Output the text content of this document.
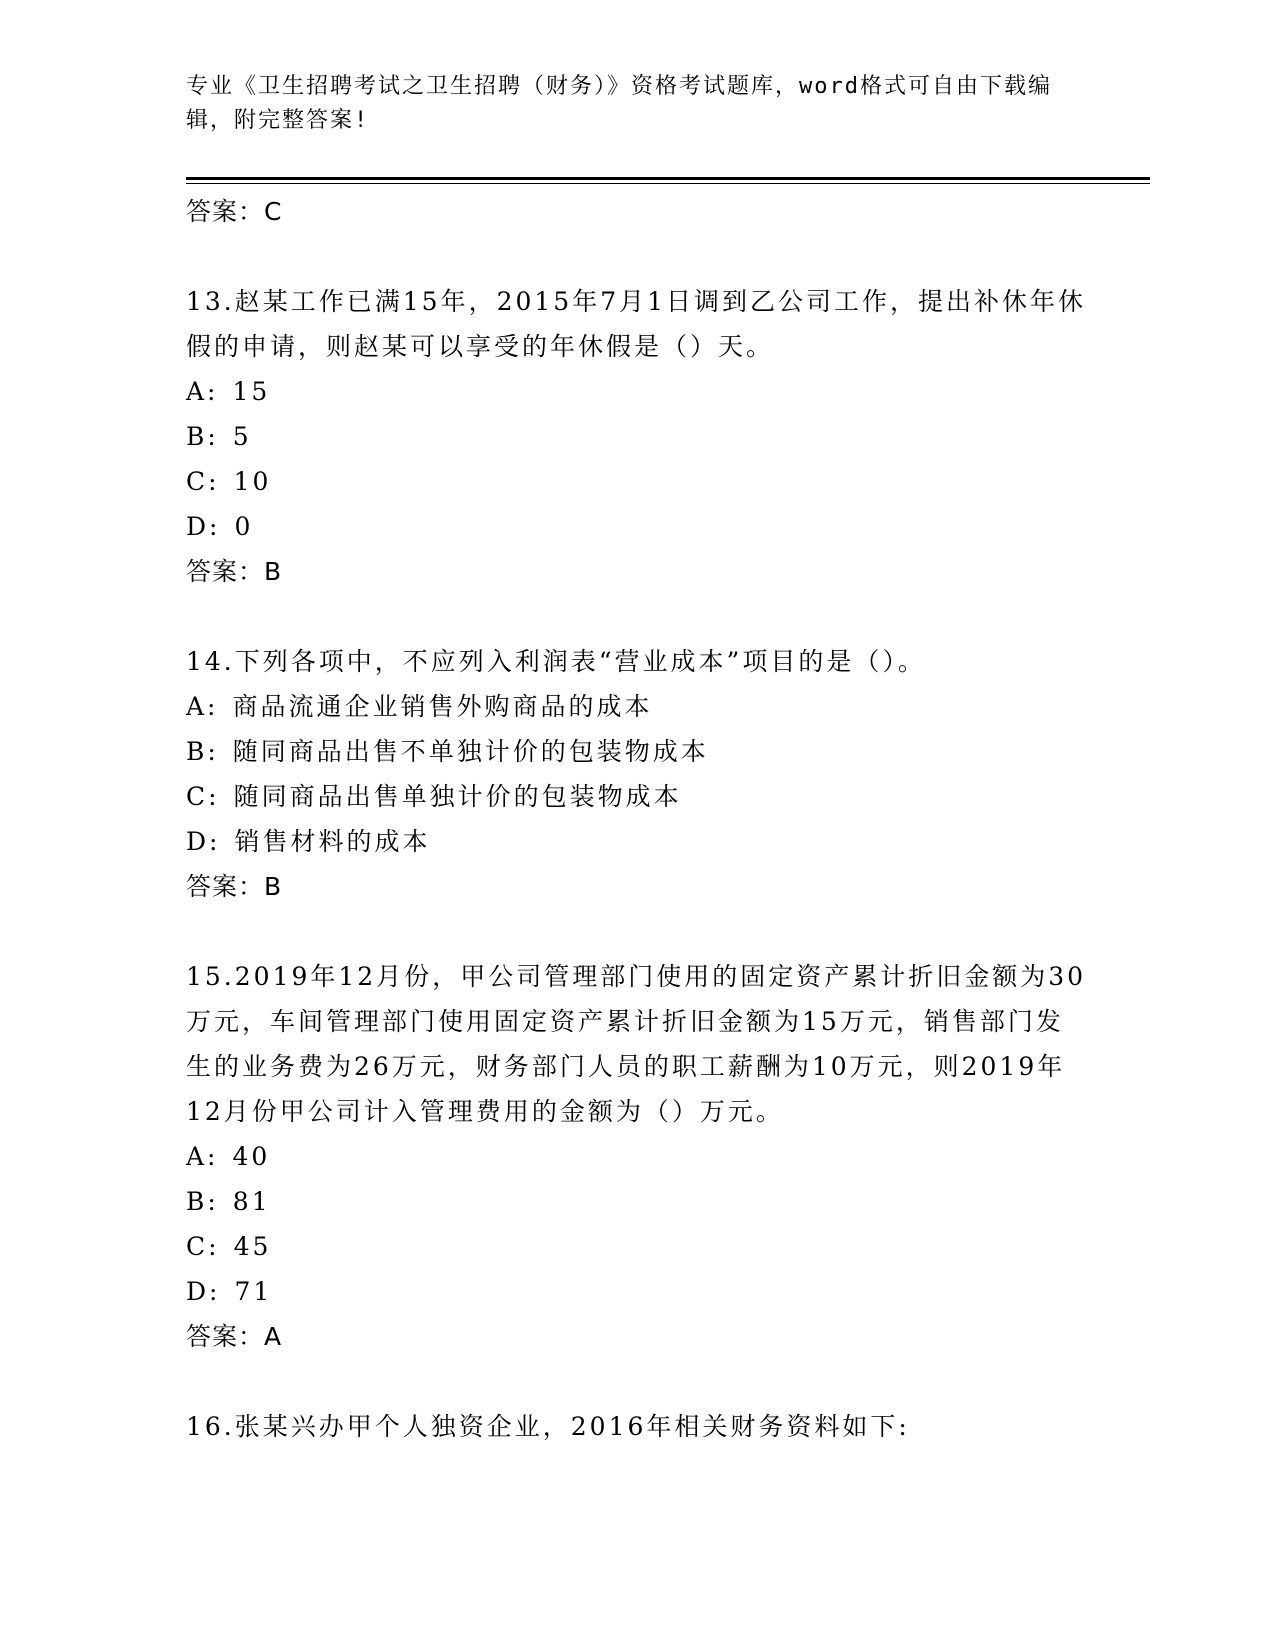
专业《卫生招聘考试之卫生招聘（财务）》资格考试题库，word格式可自由下载编辑，附完整答案!
答案：C

13.赵某工作已满15年，2015年7月1日调到乙公司工作，提出补休年休假的申请，则赵某可以享受的年休假是（）天。

A: 15
B: 5
C: 10
D: 0
答案：B

14.下列各项中，不应列入利润表“营业成本”项目的是（）。

A: 商品流通企业销售外购商品的成本
B: 随同商品出售不单独计价的包装物成本
C: 随同商品出售单独计价的包装物成本
D: 销售材料的成本
答案：B

15.2019年12月份，甲公司管理部门使用的固定资产累计折旧金额为30万元，车间管理部门使用固定资产累计折旧金额为15万元，销售部门发生的业务费为26万元，财务部门人员的职工薪酬为10万元，则2019年12月份甲公司计入管理费用的金额为（）万元。

A: 40
B: 81
C: 45
D: 71
答案：A

16.张某兴办甲个人独资企业，2016年相关财务资料如下:
